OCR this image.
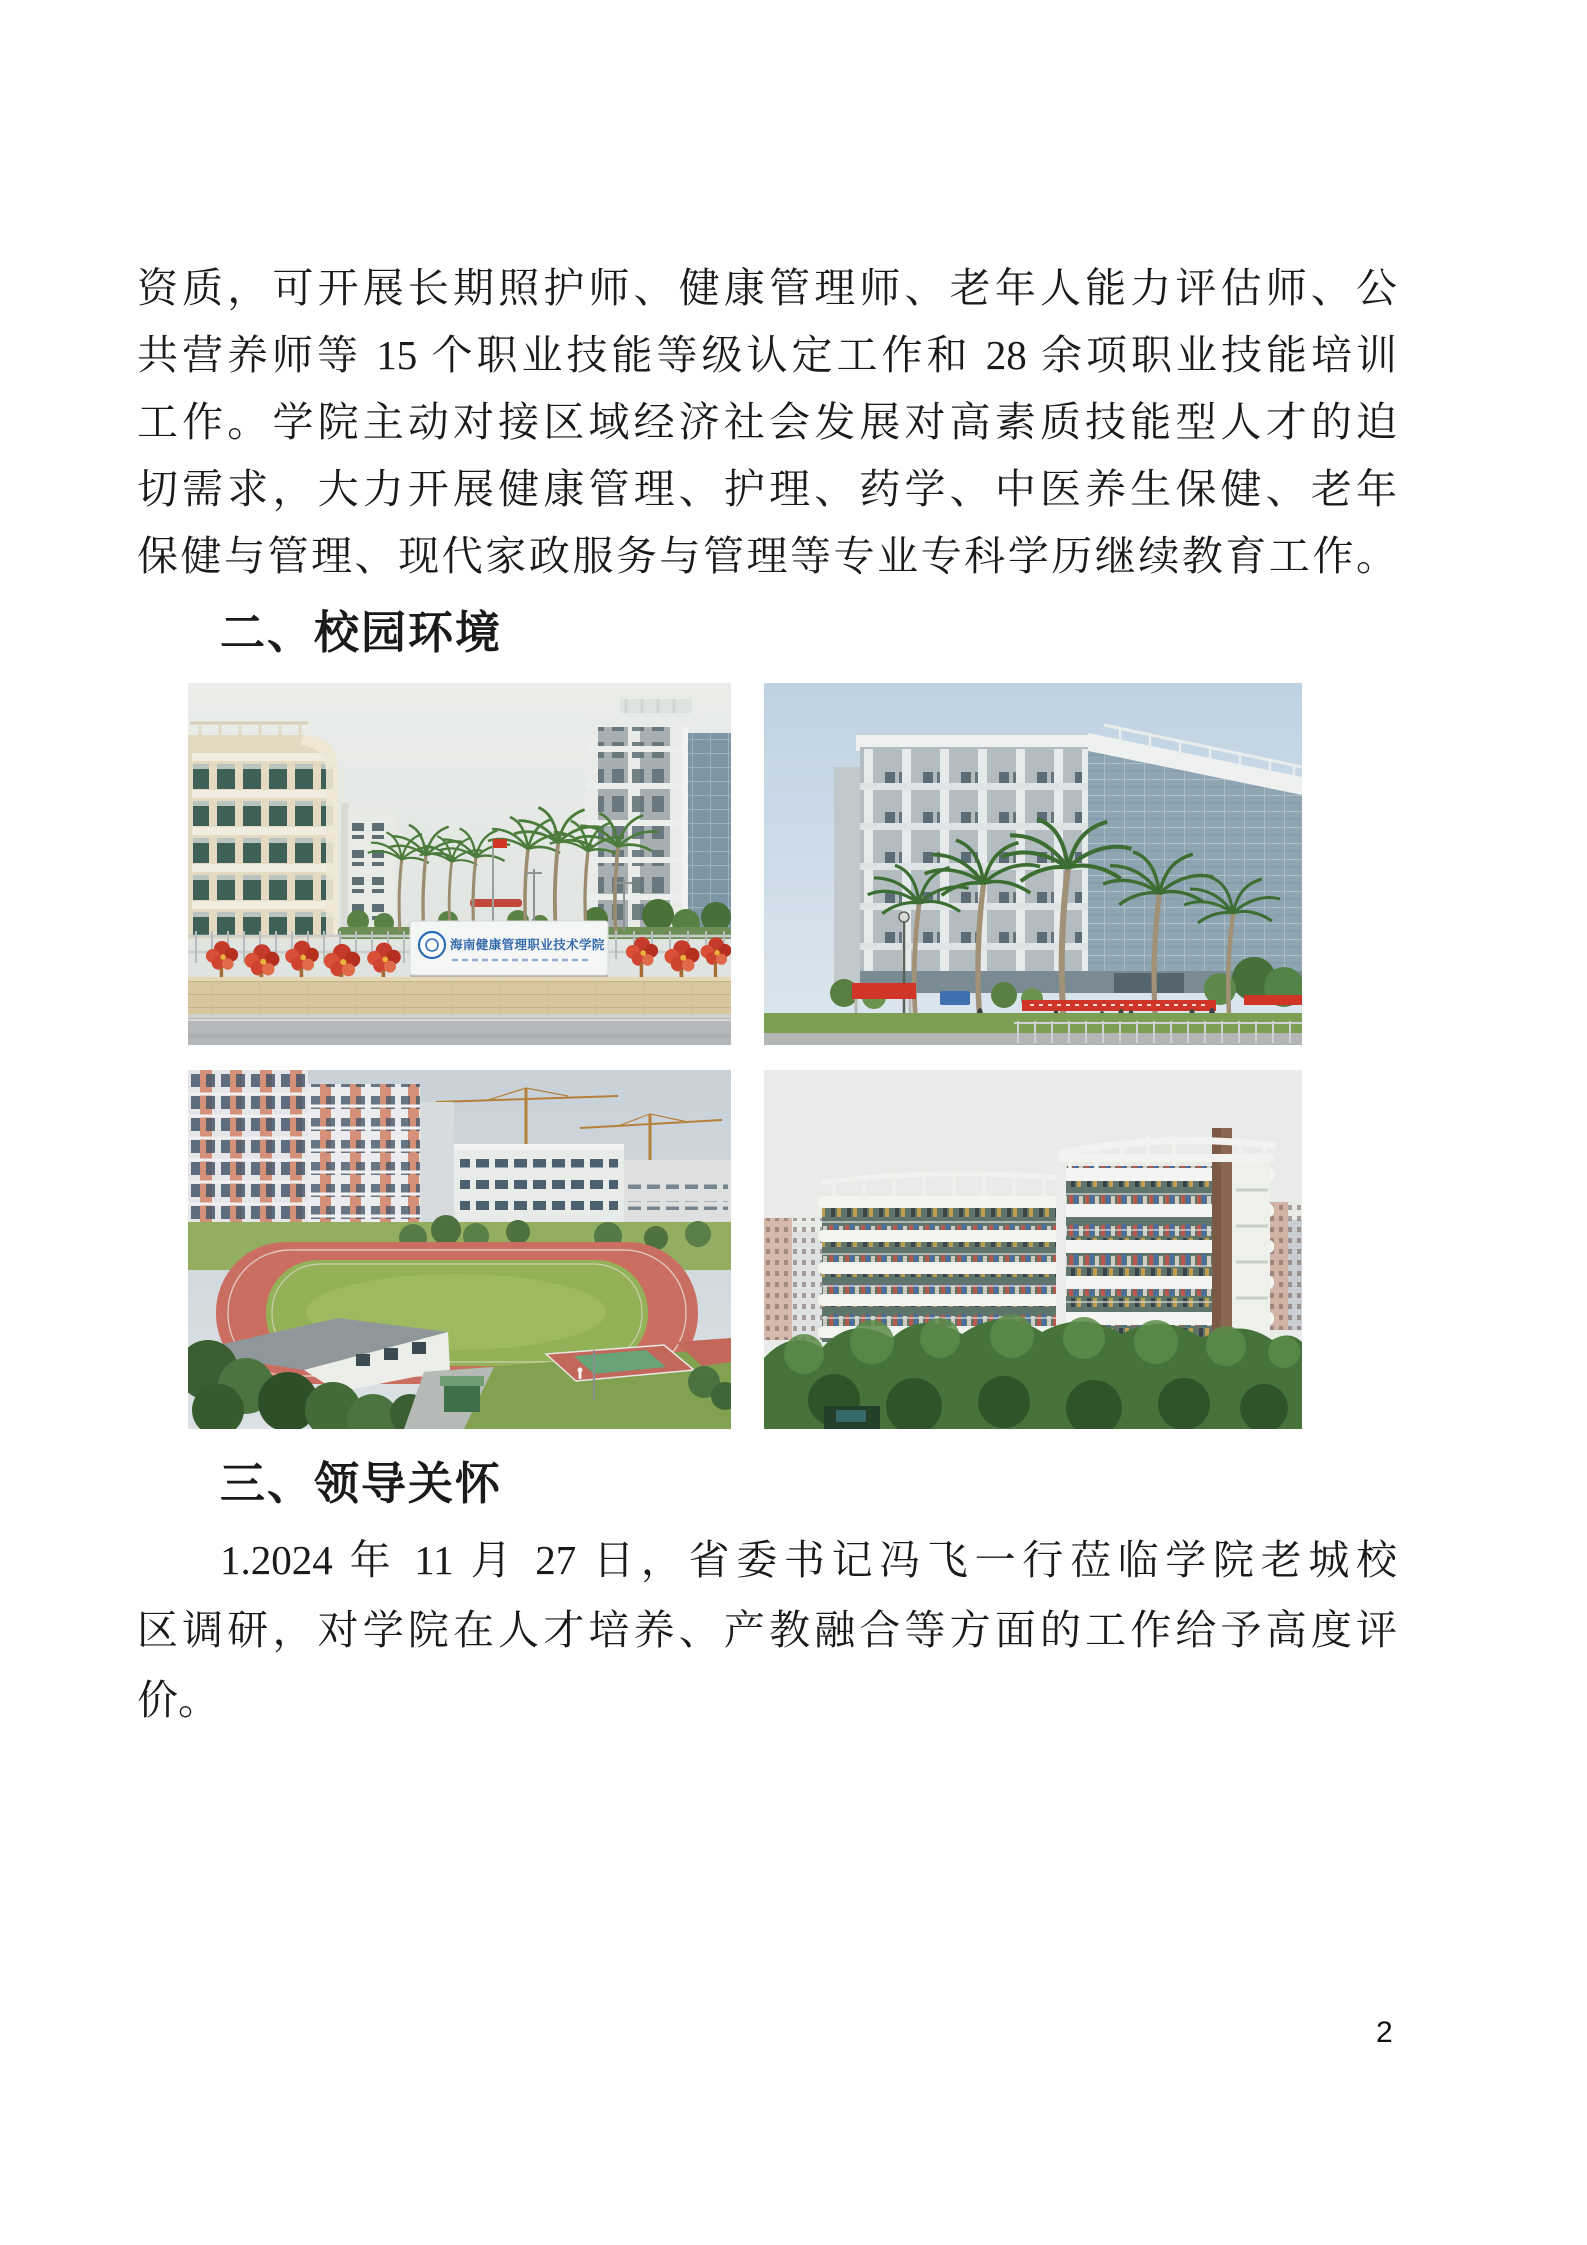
资质，可开展长期照护师、健康管理师、老年人能力评估师、公
共营养师等 15 个职业技能等级认定工作和 28 余项职业技能培训
工作。学院主动对接区域经济社会发展对高素质技能型人才的迫
切需求，大力开展健康管理、护理、药学、中医养生保健、老年
保健与管理、现代家政服务与管理等专业专科学历继续教育工作。
二、校园环境
海南健康管理职业技术学院
三、领导关怀
1.2024 年 11 月 27 日，省委书记冯飞一行莅临学院老城校
区调研，对学院在人才培养、产教融合等方面的工作给予高度评
价。
2
